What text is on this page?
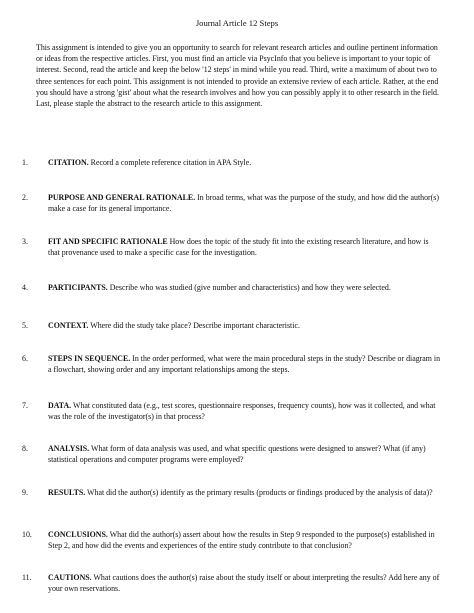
Journal Article 12 Steps
This assignment is intended to give you an opportunity to search for relevant research articles and outline pertinent information or ideas from the respective articles. First, you must find an article via PsycInfo that you believe is important to your topic of interest. Second, read the article and keep the below '12 steps' in mind while you read. Third, write a maximum of about two to three sentences for each point. This assignment is not intended to provide an extensive review of each article. Rather, at the end you should have a strong 'gist' about what the research involves and how you can possibly apply it to other research in the field. Last, please staple the abstract to the research article to this assignment.
1.	CITATION. Record a complete reference citation in APA Style.
2.	PURPOSE AND GENERAL RATIONALE. In broad terms, what was the purpose of the study, and how did the author(s) make a case for its general importance.
3.	FIT AND SPECIFIC RATIONALE How does the topic of the study fit into the existing research literature, and how is that provenance used to make a specific case for the investigation.
4.	PARTICIPANTS. Describe who was studied (give number and characteristics) and how they were selected.
5.	CONTEXT. Where did the study take place? Describe important characteristic.
6.	STEPS IN SEQUENCE. In the order performed, what were the main procedural steps in the study? Describe or diagram in a flowchart, showing order and any important relationships among the steps.
7.	DATA. What constituted data (e.g., test scores, questionnaire responses, frequency counts), how was it collected, and what was the role of the investigator(s) in that process?
8.	ANALYSIS. What form of data analysis was used, and what specific questions were designed to answer? What (if any) statistical operations and computer programs were employed?
9.	RESULTS. What did the author(s) identify as the primary results (products or findings produced by the analysis of data)?
10.	CONCLUSIONS. What did the author(s) assert about how the results in Step 9 responded to the purpose(s) established in Step 2, and how did the events and experiences of the entire study contribute to that conclusion?
11.	CAUTIONS. What cautions does the author(s) raise about the study itself or about interpreting the results? Add here any of your own reservations.
